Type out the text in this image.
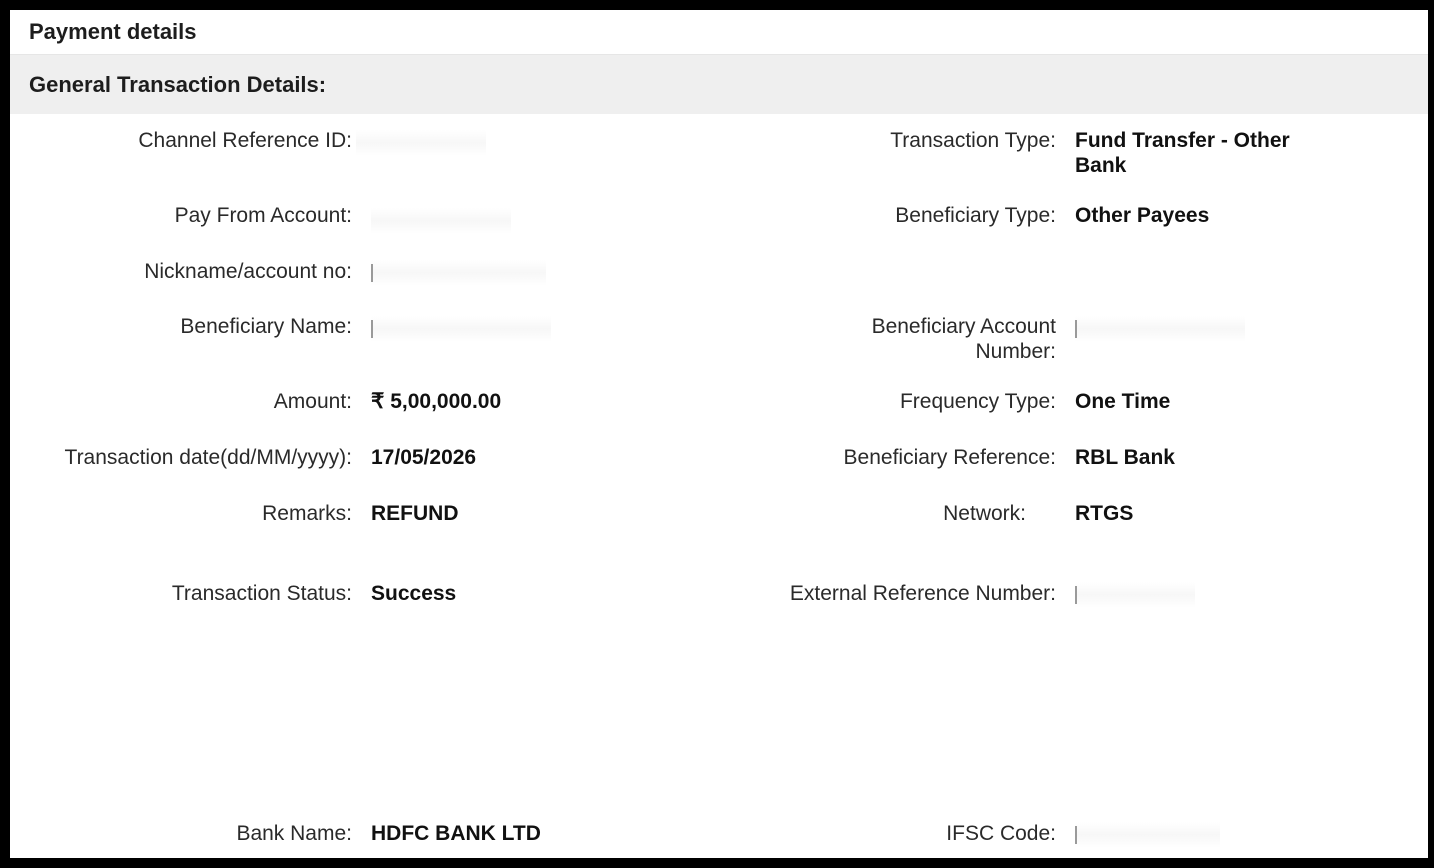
Payment details
General Transaction Details:
Channel Reference ID:
Pay From Account:
Nickname/account no:
Beneficiary Name:
Amount: ₹ 5,00,000.00
Transaction date(dd/MM/yyyy): 17/05/2026
Remarks: REFUND
Transaction Status: Success
Bank Name: HDFC BANK LTD
Transaction Type: Fund Transfer - Other
Bank
Beneficiary Type: Other Payees
Beneficiary Account
Number:
Frequency Type: One Time
Beneficiary Reference: RBL Bank
Network: RTGS
External Reference Number:
IFSC Code:
